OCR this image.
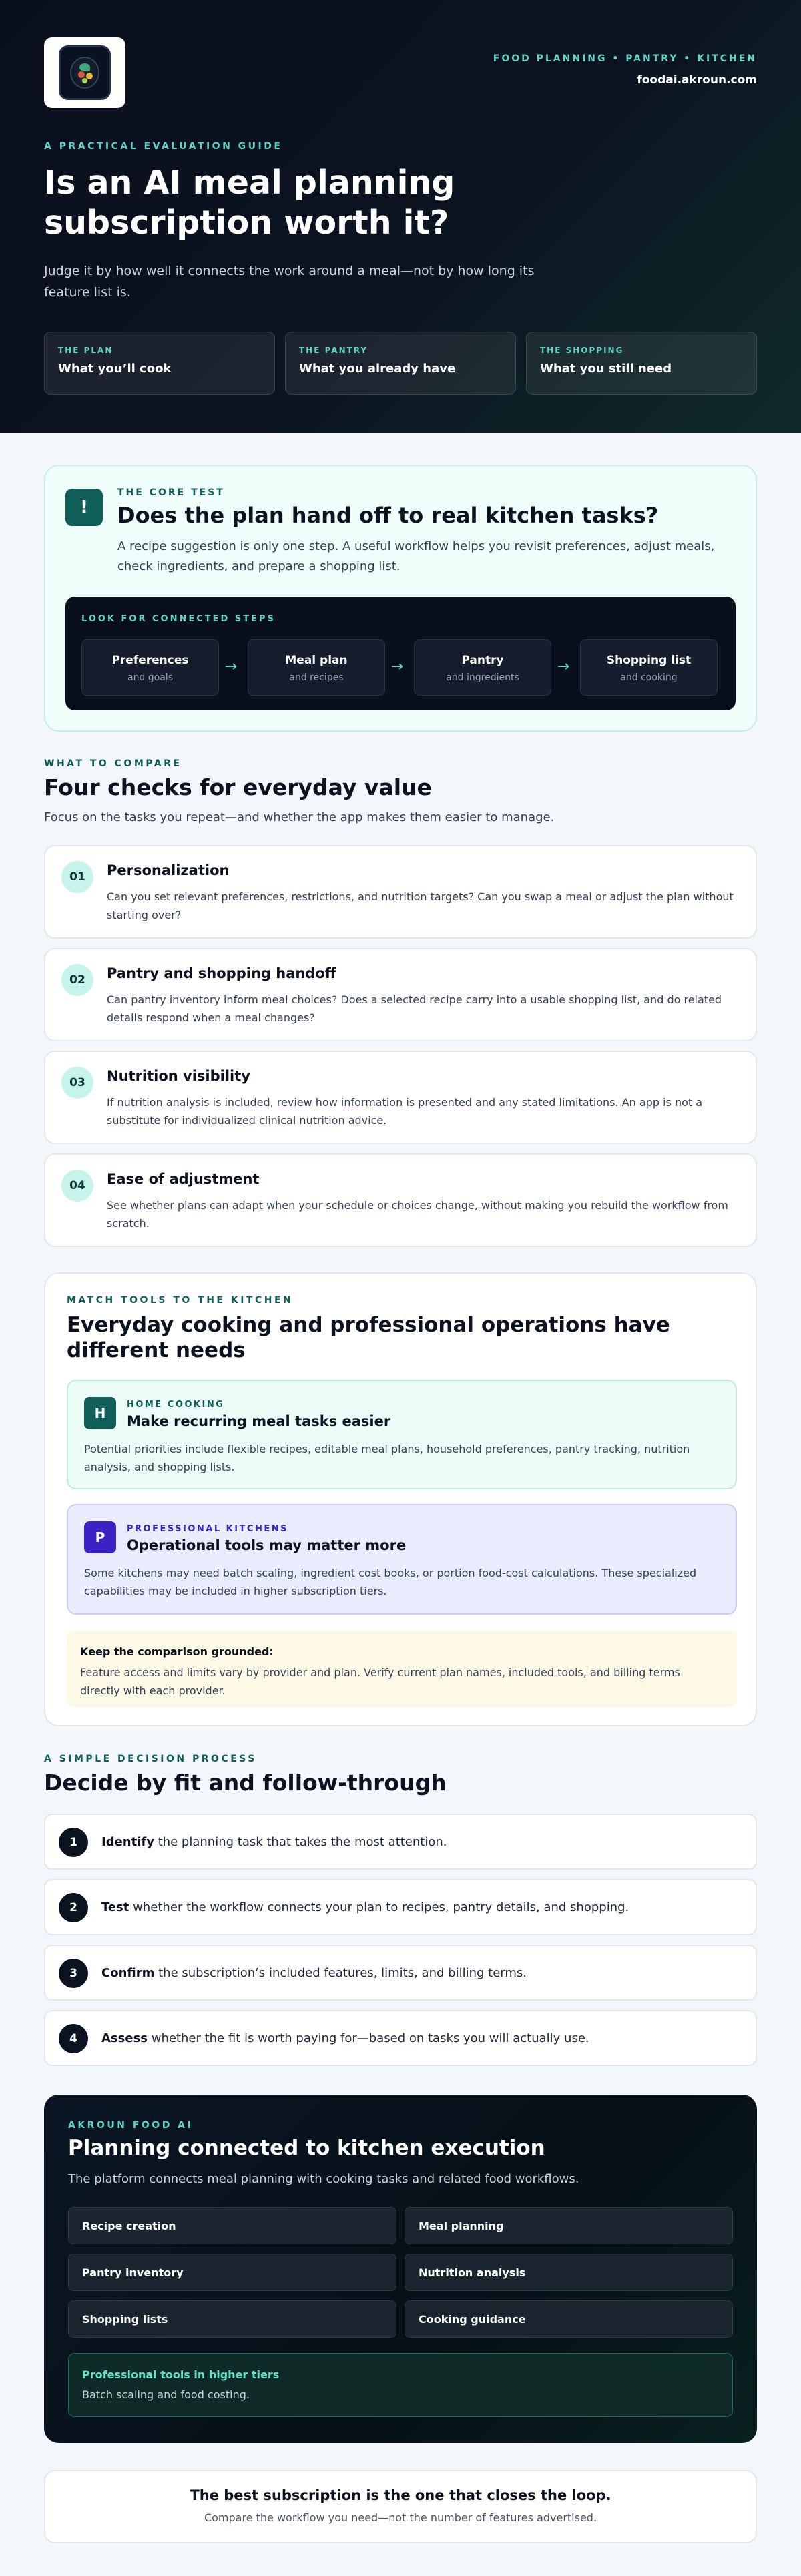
FOOD PLANNING • PANTRY • KITCHEN
foodai.akroun.com
A PRACTICAL EVALUATION GUIDE
Is an AI meal planning subscription worth it?

Judge it by how well it connects the work around a meal—not by how long its feature list is.

THE PLAN
What you’ll cook
THE PANTRY
What you already have
THE SHOPPING
What you still need
!
THE CORE TEST
Does the plan hand off to real kitchen tasks?

A recipe suggestion is only one step. A useful workflow helps you revisit preferences, adjust meals, check ingredients, and prepare a shopping list.

LOOK FOR CONNECTED STEPS
Preferences
and goals
→	Meal plan
and recipes
→	Pantry
and ingredients
→	Shopping list
and cooking
WHAT TO COMPARE
Four checks for everyday value

Focus on the tasks you repeat—and whether the app makes them easier to manage.

01	Personalization
Can you set relevant preferences, restrictions, and nutrition targets? Can you swap a meal or adjust the plan without starting over?
02	Pantry and shopping handoff
Can pantry inventory inform meal choices? Does a selected recipe carry into a usable shopping list, and do related details respond when a meal changes?
03	Nutrition visibility
If nutrition analysis is included, review how information is presented and any stated limitations. An app is not a substitute for individualized clinical nutrition advice.
04	Ease of adjustment
See whether plans can adapt when your schedule or choices change, without making you rebuild the workflow from scratch.
MATCH TOOLS TO THE KITCHEN
Everyday cooking and professional operations have different needs
H
HOME COOKING
Make recurring meal tasks easier
Potential priorities include flexible recipes, editable meal plans, household preferences, pantry tracking, nutrition analysis, and shopping lists.
P
PROFESSIONAL KITCHENS
Operational tools may matter more
Some kitchens may need batch scaling, ingredient cost books, or portion food-cost calculations. These specialized capabilities may be included in higher subscription tiers.
Keep the comparison grounded:
Feature access and limits vary by provider and plan. Verify current plan names, included tools, and billing terms directly with each provider.
A SIMPLE DECISION PROCESS
Decide by fit and follow-through
1	Identify the planning task that takes the most attention.
2	Test whether the workflow connects your plan to recipes, pantry details, and shopping.
3	Confirm the subscription’s included features, limits, and billing terms.
4	Assess whether the fit is worth paying for—based on tasks you will actually use.
AKROUN FOOD AI
Planning connected to kitchen execution

The platform connects meal planning with cooking tasks and related food workflows.

Recipe creation	Meal planning
Pantry inventory	Nutrition analysis
Shopping lists	Cooking guidance
Professional tools in higher tiers
Batch scaling and food costing.
The best subscription is the one that closes the loop.
Compare the workflow you need—not the number of features advertised.
